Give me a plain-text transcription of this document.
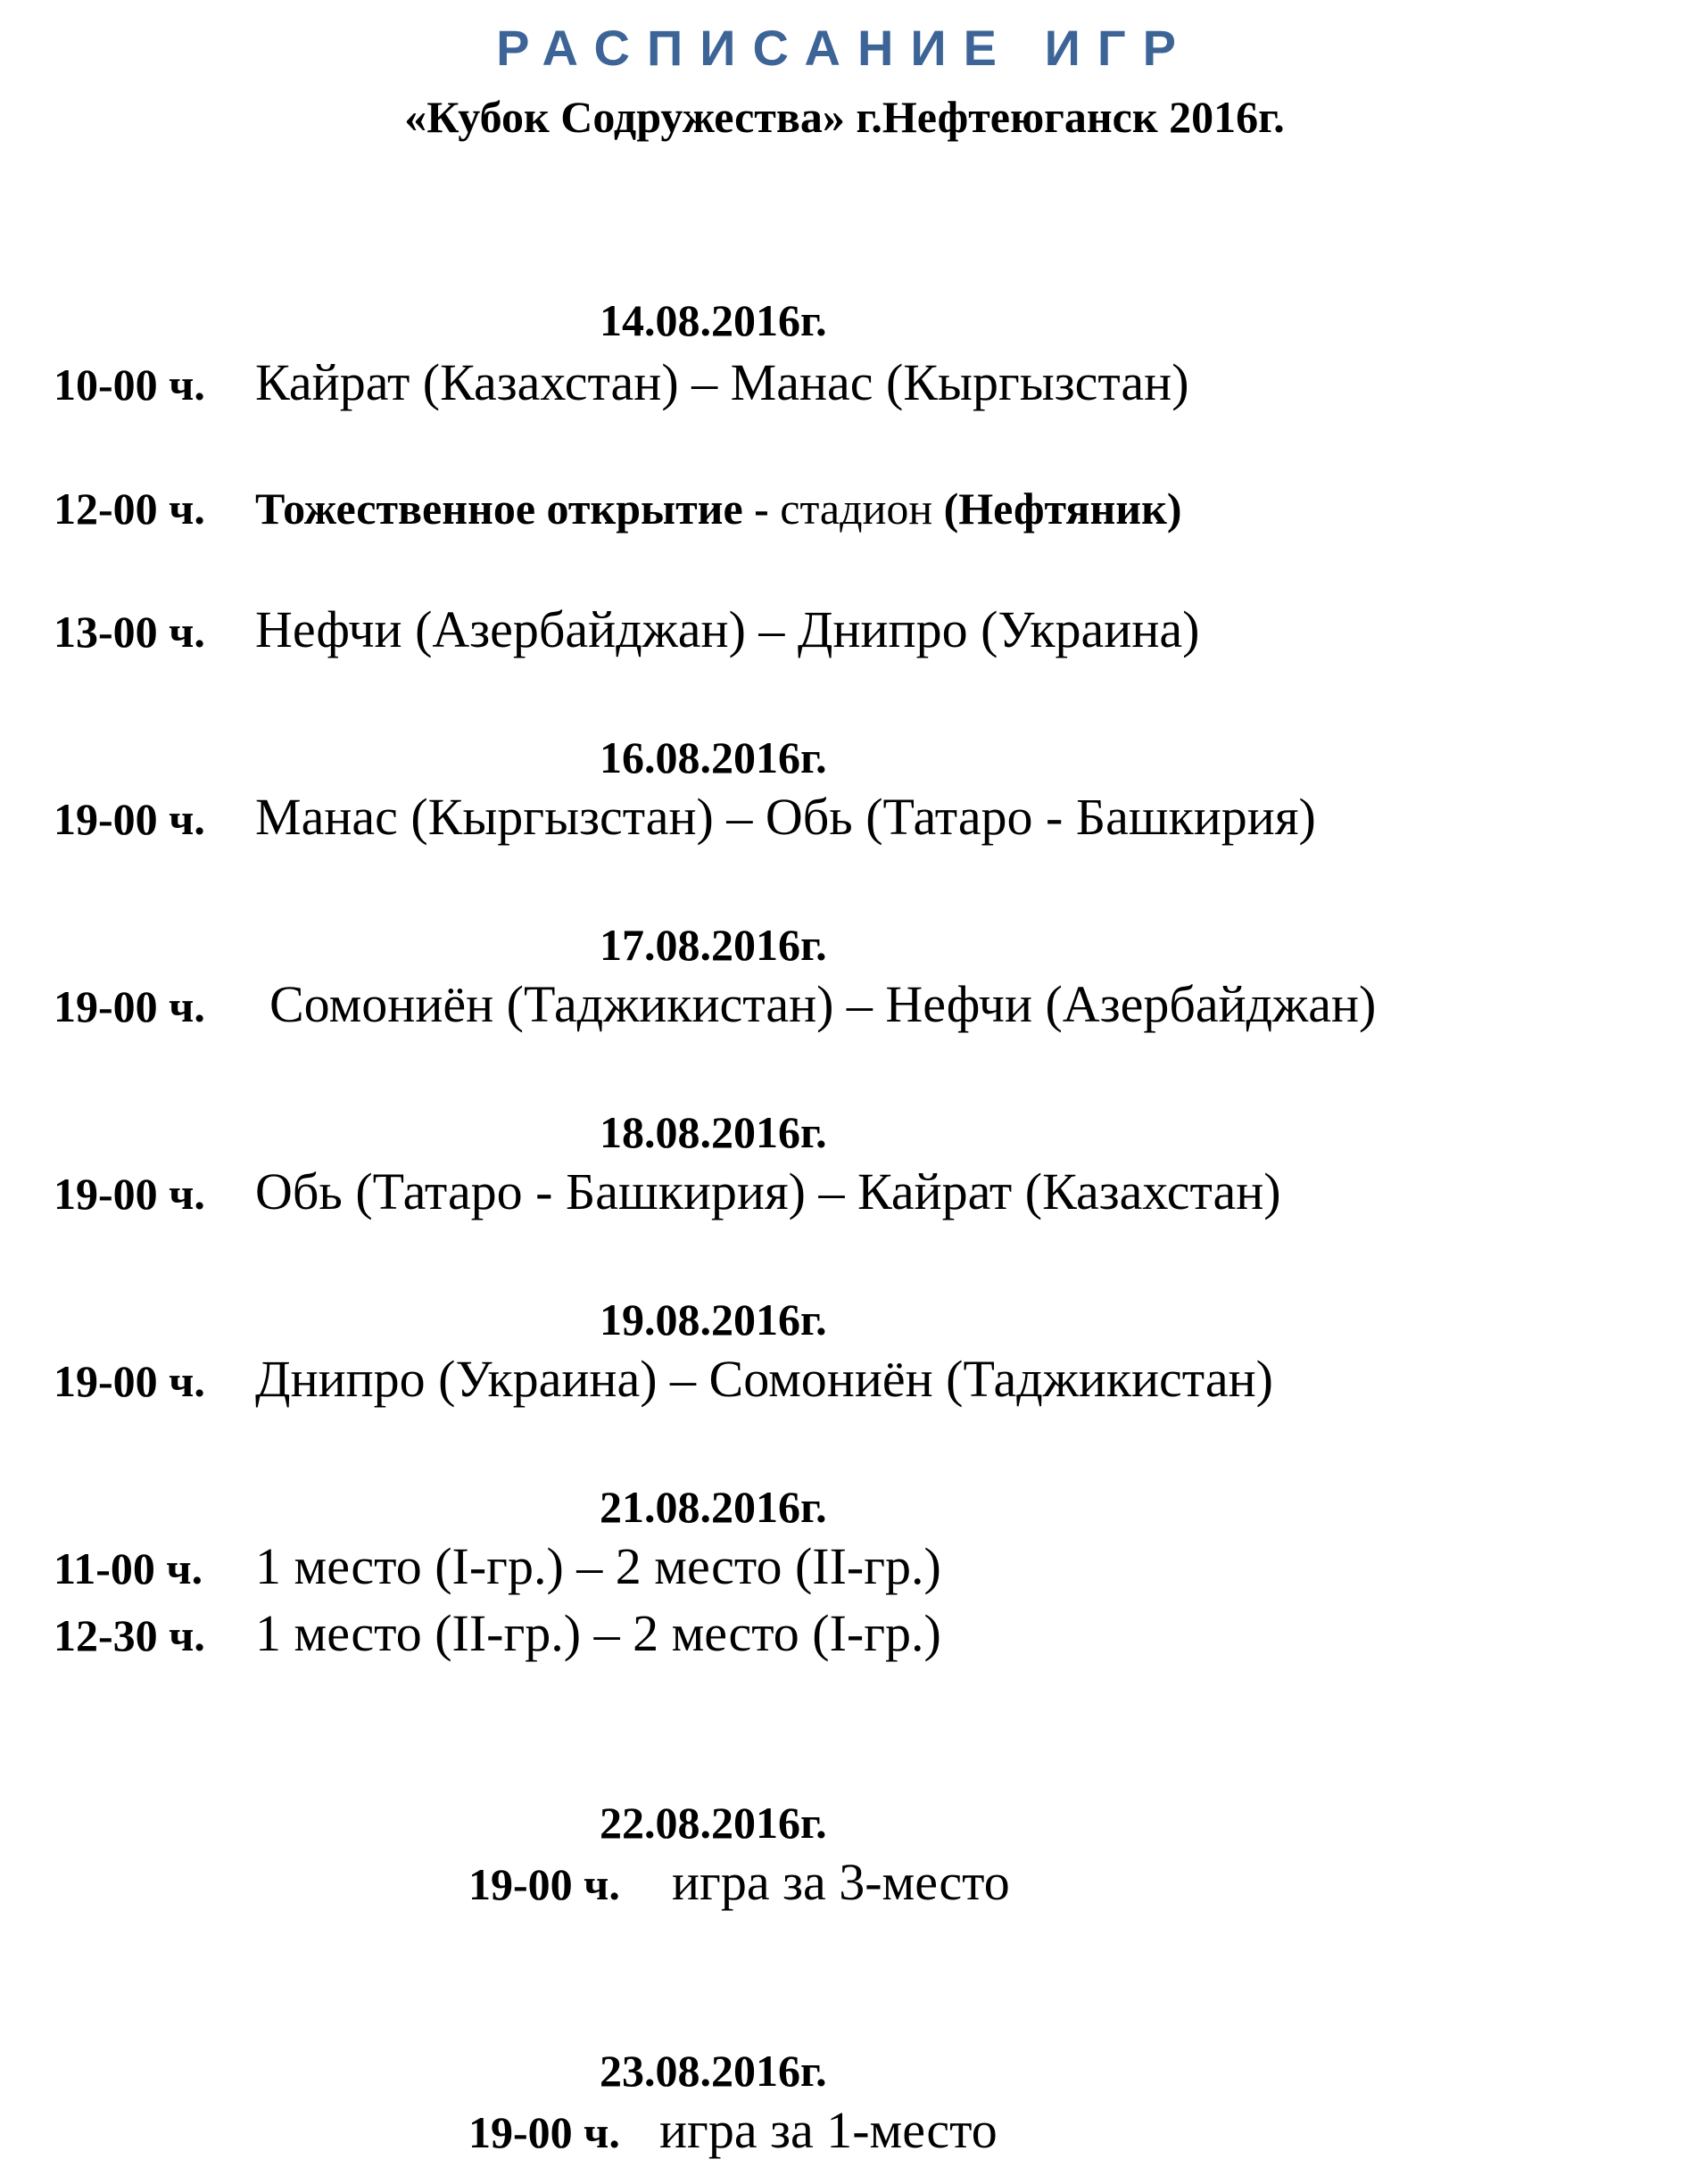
РАСПИСАНИЕ ИГР
«Кубок Содружества» г.Нефтеюганск 2016г.
14.08.2016г.
10-00 ч. Кайрат (Казахстан) – Манас (Кыргызстан)
12-00 ч. Тожественное открытие - стадион (Нефтяник)
13-00 ч. Нефчи (Азербайджан) – Днипро (Украина)
16.08.2016г.
19-00 ч. Манас (Кыргызстан) – Обь (Татаро - Башкирия)
17.08.2016г.
19-00 ч. Сомониён (Таджикистан) – Нефчи (Азербайджан)
18.08.2016г.
19-00 ч. Обь (Татаро - Башкирия) – Кайрат (Казахстан)
19.08.2016г.
19-00 ч. Днипро (Украина) – Сомониён (Таджикистан)
21.08.2016г.
11-00 ч. 1 место (I-гр.) – 2 место (II-гр.)
12-30 ч. 1 место (II-гр.) – 2 место (I-гр.)
22.08.2016г.
19-00 ч. игра за 3-место
23.08.2016г.
19-00 ч. игра за 1-место
